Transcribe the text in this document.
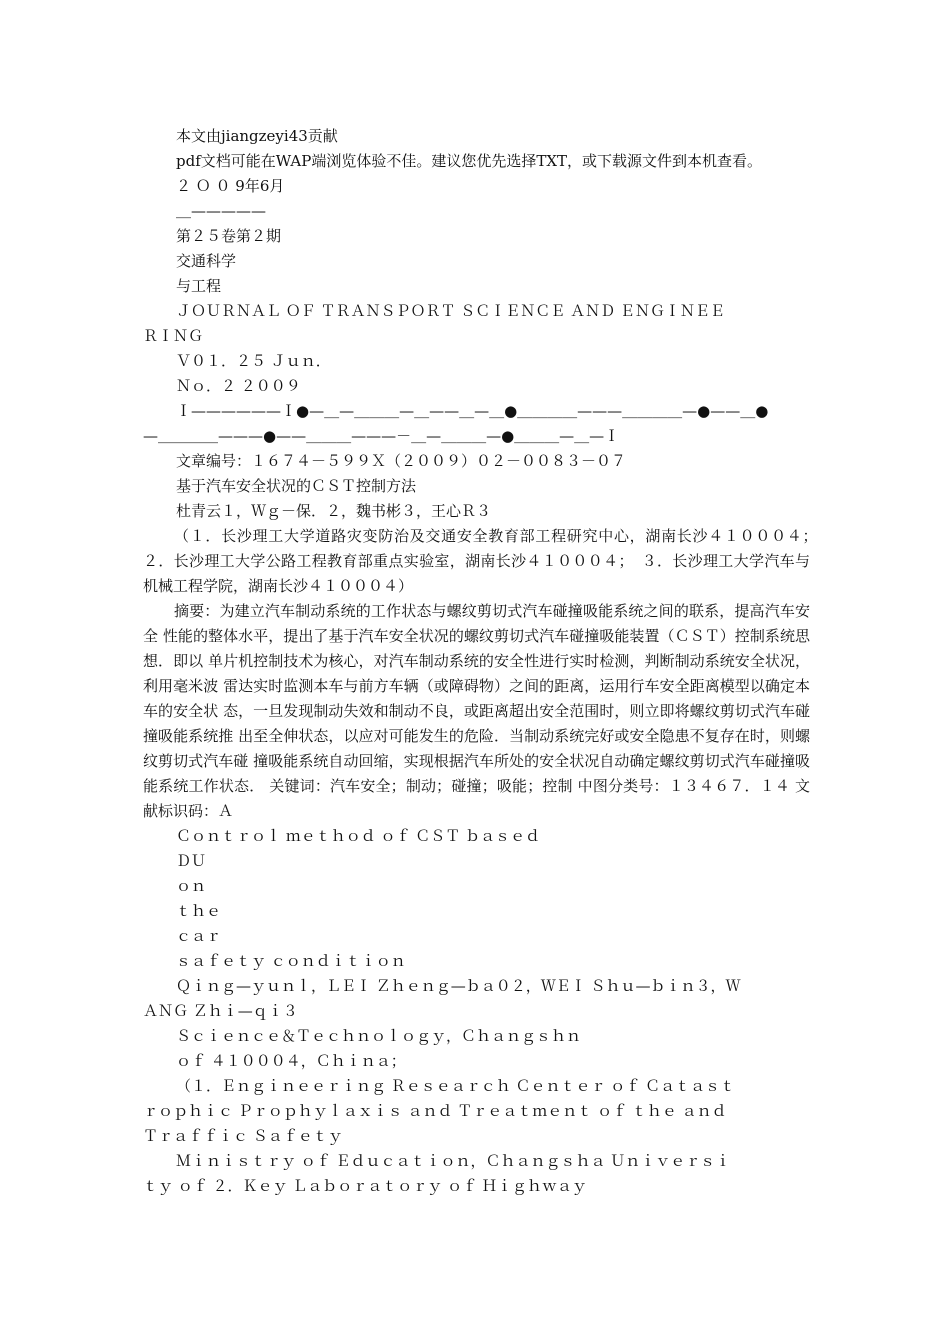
本文由jiangzeyi43贡献
pdf文档可能在WAP端浏览体验不佳。建议您优先选择TXT，或下载源文件到本机查看。
２ Ｏ ０ 9年6月
＿—————
第２５卷第２期
交通科学
与工程
ＪＯＵＲＮＡＬ ＯＦ ＴＲＡＮＳＰＯＲＴ ＳＣＩＥＮＣＥ ＡＮＤ ＥＮＧＩＮＥＥ
ＲＩＮＧ
Ｖ０１．２５ Ｊｕｎ．
Ｎｏ．２ ２００９
Ｉ——————Ｉ●—＿—＿＿＿—＿——＿—＿●＿＿＿＿———＿＿＿＿—●——＿●
—＿＿＿＿———●——＿＿＿———－＿—＿＿＿—●＿＿＿—＿—Ｉ
文章编号：１６７４－５９９Ｘ（２００９）０２－００８３－０７
基于汽车安全状况的ＣＳＴ控制方法
杜青云１，Ｗｇ－保．２，魏书彬３，王心Ｒ３
（１．长沙理工大学道路灾变防治及交通安全教育部工程研究中心，湖南长沙４１０００４；　２．长沙理工大学公路工程教育部重点实验室，湖南长沙４１０００４；　３．长沙理工大学汽车与机械工程学院，湖南长沙４１０００４）
摘要：为建立汽车制动系统的工作状态与螺纹剪切式汽车碰撞吸能系统之间的联系，提高汽车安全 性能的整体水平，提出了基于汽车安全状况的螺纹剪切式汽车碰撞吸能装置（ＣＳＴ）控制系统思想．即以 单片机控制技术为核心，对汽车制动系统的安全性进行实时检测，判断制动系统安全状况，利用毫米波 雷达实时监测本车与前方车辆（或障碍物）之间的距离，运用行车安全距离模型以确定本车的安全状 态，一旦发现制动失效和制动不良，或距离超出安全范围时，则立即将螺纹剪切式汽车碰撞吸能系统推 出至全伸状态，以应对可能发生的危险．当制动系统完好或安全隐患不复存在时，则螺纹剪切式汽车碰 撞吸能系统自动回缩，实现根据汽车所处的安全状况自动确定螺纹剪切式汽车碰撞吸能系统工作状态． 关键词：汽车安全；制动；碰撞；吸能；控制 中图分类号：１３４６７．１４ 文献标识码：Ａ
Ｃｏｎｔｒｏｌ ｍｅｔｈｏｄ ｏｆ ＣＳＴ ｂａｓｅｄ
ＤＵ
ｏｎ
ｔｈｅ
ｃａｒ
ｓａｆｅｔｙ ｃｏｎｄｉｔｉｏｎ
Ｑｉｎｇ—ｙｕｎｌ，ＬＥＩ Ｚｈｅｎｇ—ｂａ０２，ＷＥＩ Ｓｈｕ—ｂｉｎ３，Ｗ
ＡＮＧ Ｚｈｉ—ｑｉ３
Ｓｃｉｅｎｃｅ＆Ｔｅｃｈｎｏｌｏｇｙ，Ｃｈａｎｇｓｈｎ
ｏｆ ４１０００４，Ｃｈｉｎａ；
（１．Ｅｎｇｉｎｅｅｒｉｎｇ Ｒｅｓｅａｒｃｈ Ｃｅｎｔｅｒ ｏｆ Ｃａｔａｓｔ
ｒｏｐｈｉｃ Ｐｒｏｐｈｙｌａｘｉｓ ａｎｄ Ｔｒｅａｔｍｅｎｔ ｏｆ ｔｈｅ ａｎｄ
Ｔｒａｆｆｉｃ Ｓａｆｅｔｙ
Ｍｉｎｉｓｔｒｙ ｏｆ Ｅｄｕｃａｔｉｏｎ，Ｃｈａｎｇｓｈａ Ｕｎｉｖｅｒｓｉ
ｔｙ ｏｆ ２．Ｋｅｙ Ｌａｂｏｒａｔｏｒｙ ｏｆ Ｈｉｇｈｗａｙ
